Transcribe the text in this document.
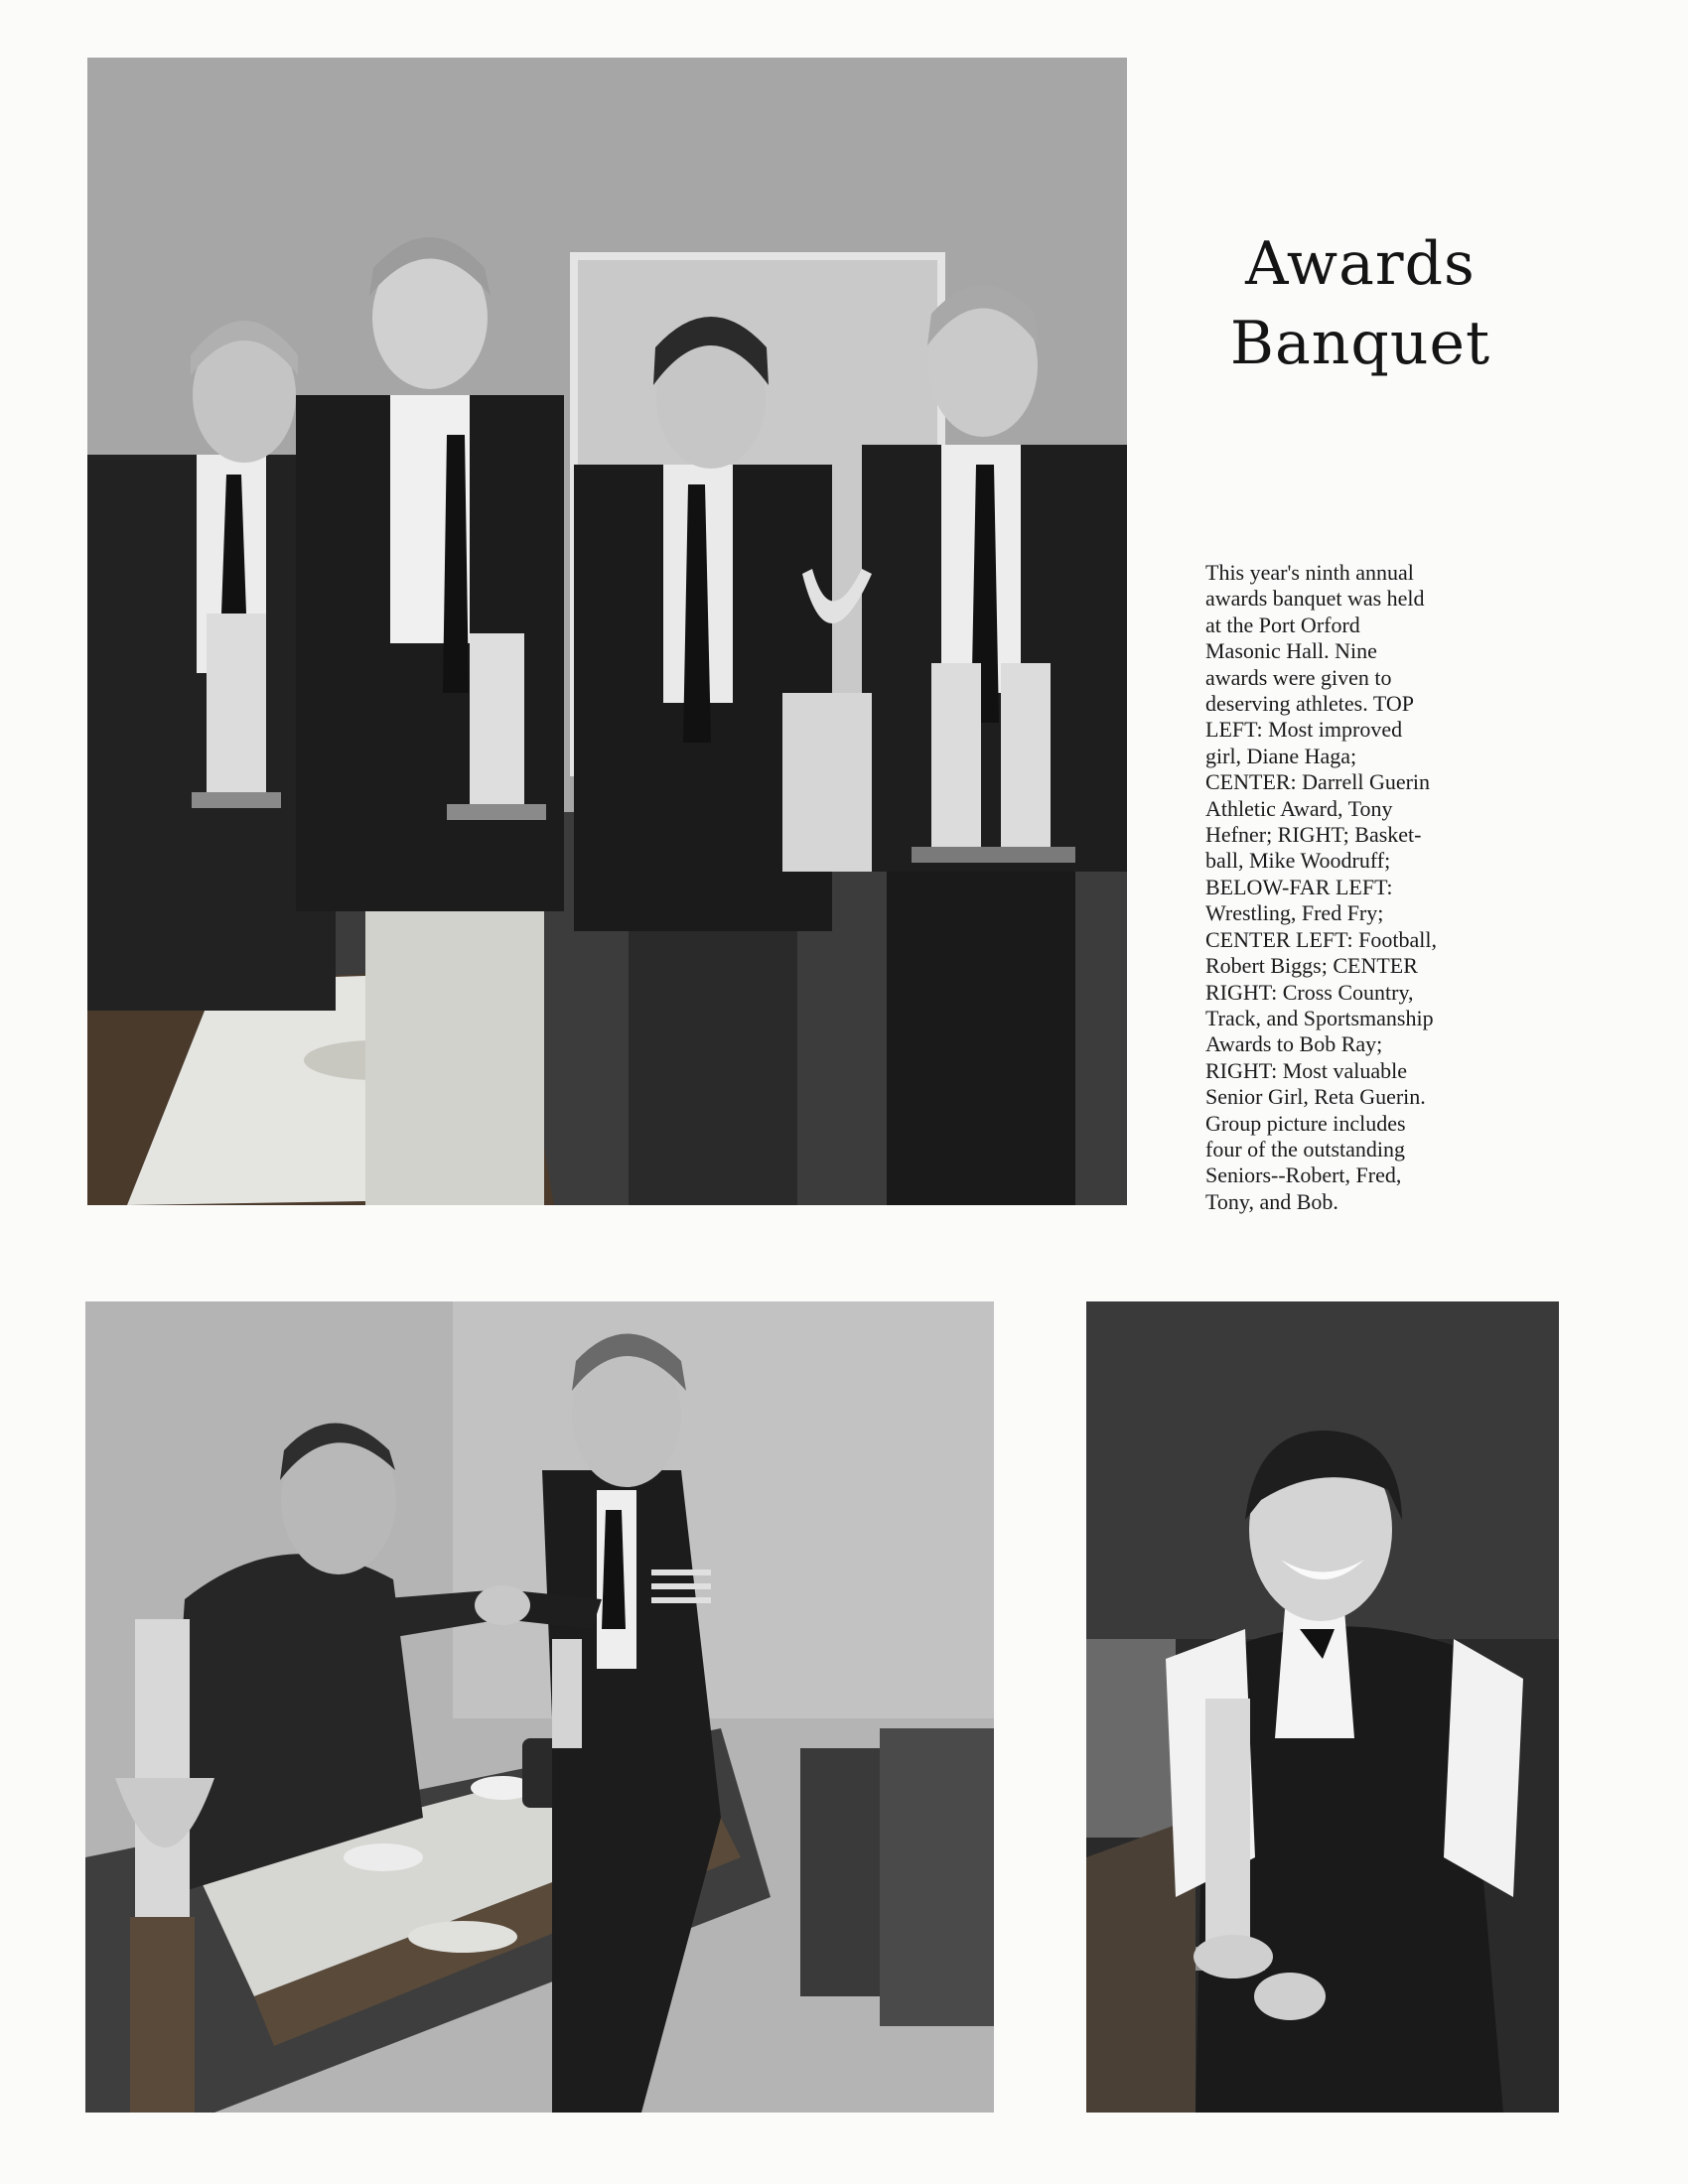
Awards
Banquet

This year's ninth annual
awards banquet was held
at the Port Orford
Masonic Hall. Nine
awards were given to
deserving athletes. TOP
LEFT: Most improved
girl, Diane Haga;
CENTER: Darrell Guerin
Athletic Award, Tony
Hefner; RIGHT; Basket-
ball, Mike Woodruff;
BELOW-FAR LEFT:
Wrestling, Fred Fry;
CENTER LEFT: Football,
Robert Biggs; CENTER
RIGHT: Cross Country,
Track, and Sportsmanship
Awards to Bob Ray;
RIGHT: Most valuable
Senior Girl, Reta Guerin.
Group picture includes
four of the outstanding
Seniors--Robert, Fred,
Tony, and Bob.
